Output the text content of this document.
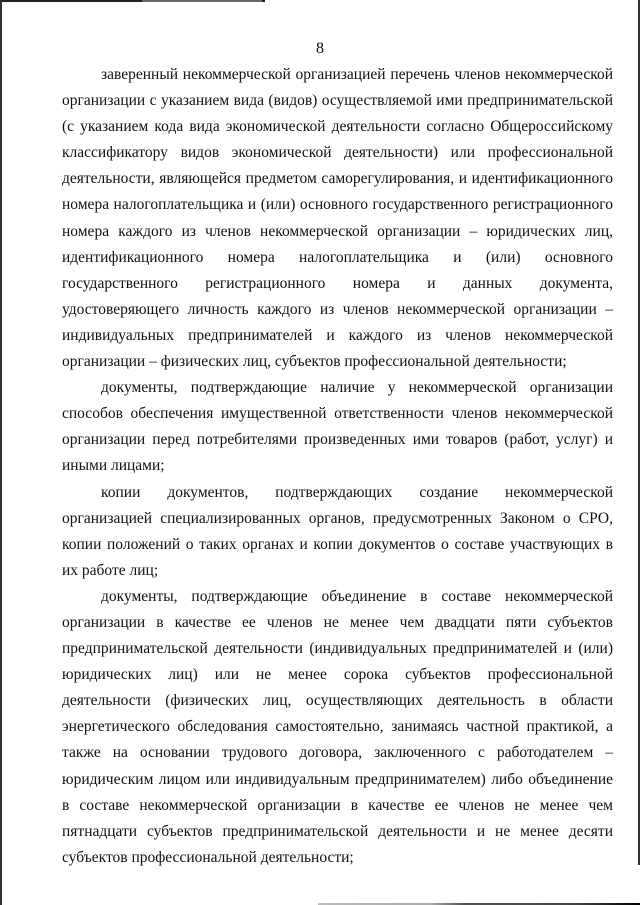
8

заверенный некоммерческой организацией перечень членов некоммерческой организации с указанием вида (видов) осуществляемой ими предпринимательской (с указанием кода вида экономической деятельности согласно Общероссийскому классификатору видов экономической деятельности) или профессиональной деятельности, являющейся предметом саморегулирования, и идентификационного номера налогоплательщика и (или) основного государственного регистрационного номера каждого из членов некоммерческой организации – юридических лиц, идентификационного номера налогоплательщика и (или) основного государственного регистрационного номера и данных документа, удостоверяющего личность каждого из членов некоммерческой организации – индивидуальных предпринимателей и каждого из членов некоммерческой организации – физических лиц, субъектов профессиональной деятельности;

документы, подтверждающие наличие у некоммерческой организации способов обеспечения имущественной ответственности членов некоммерческой организации перед потребителями произведенных ими товаров (работ, услуг) и иными лицами;

копии документов, подтверждающих создание некоммерческой организацией специализированных органов, предусмотренных Законом о СРО, копии положений о таких органах и копии документов о составе участвующих в их работе лиц;

документы, подтверждающие объединение в составе некоммерческой организации в качестве ее членов не менее чем двадцати пяти субъектов предпринимательской деятельности (индивидуальных предпринимателей и (или) юридических лиц) или не менее сорока субъектов профессиональной деятельности (физических лиц, осуществляющих деятельность в области энергетического обследования самостоятельно, занимаясь частной практикой, а также на основании трудового договора, заключенного с работодателем – юридическим лицом или индивидуальным предпринимателем) либо объединение в составе некоммерческой организации в качестве ее членов не менее чем пятнадцати субъектов предпринимательской деятельности и не менее десяти субъектов профессиональной деятельности;
